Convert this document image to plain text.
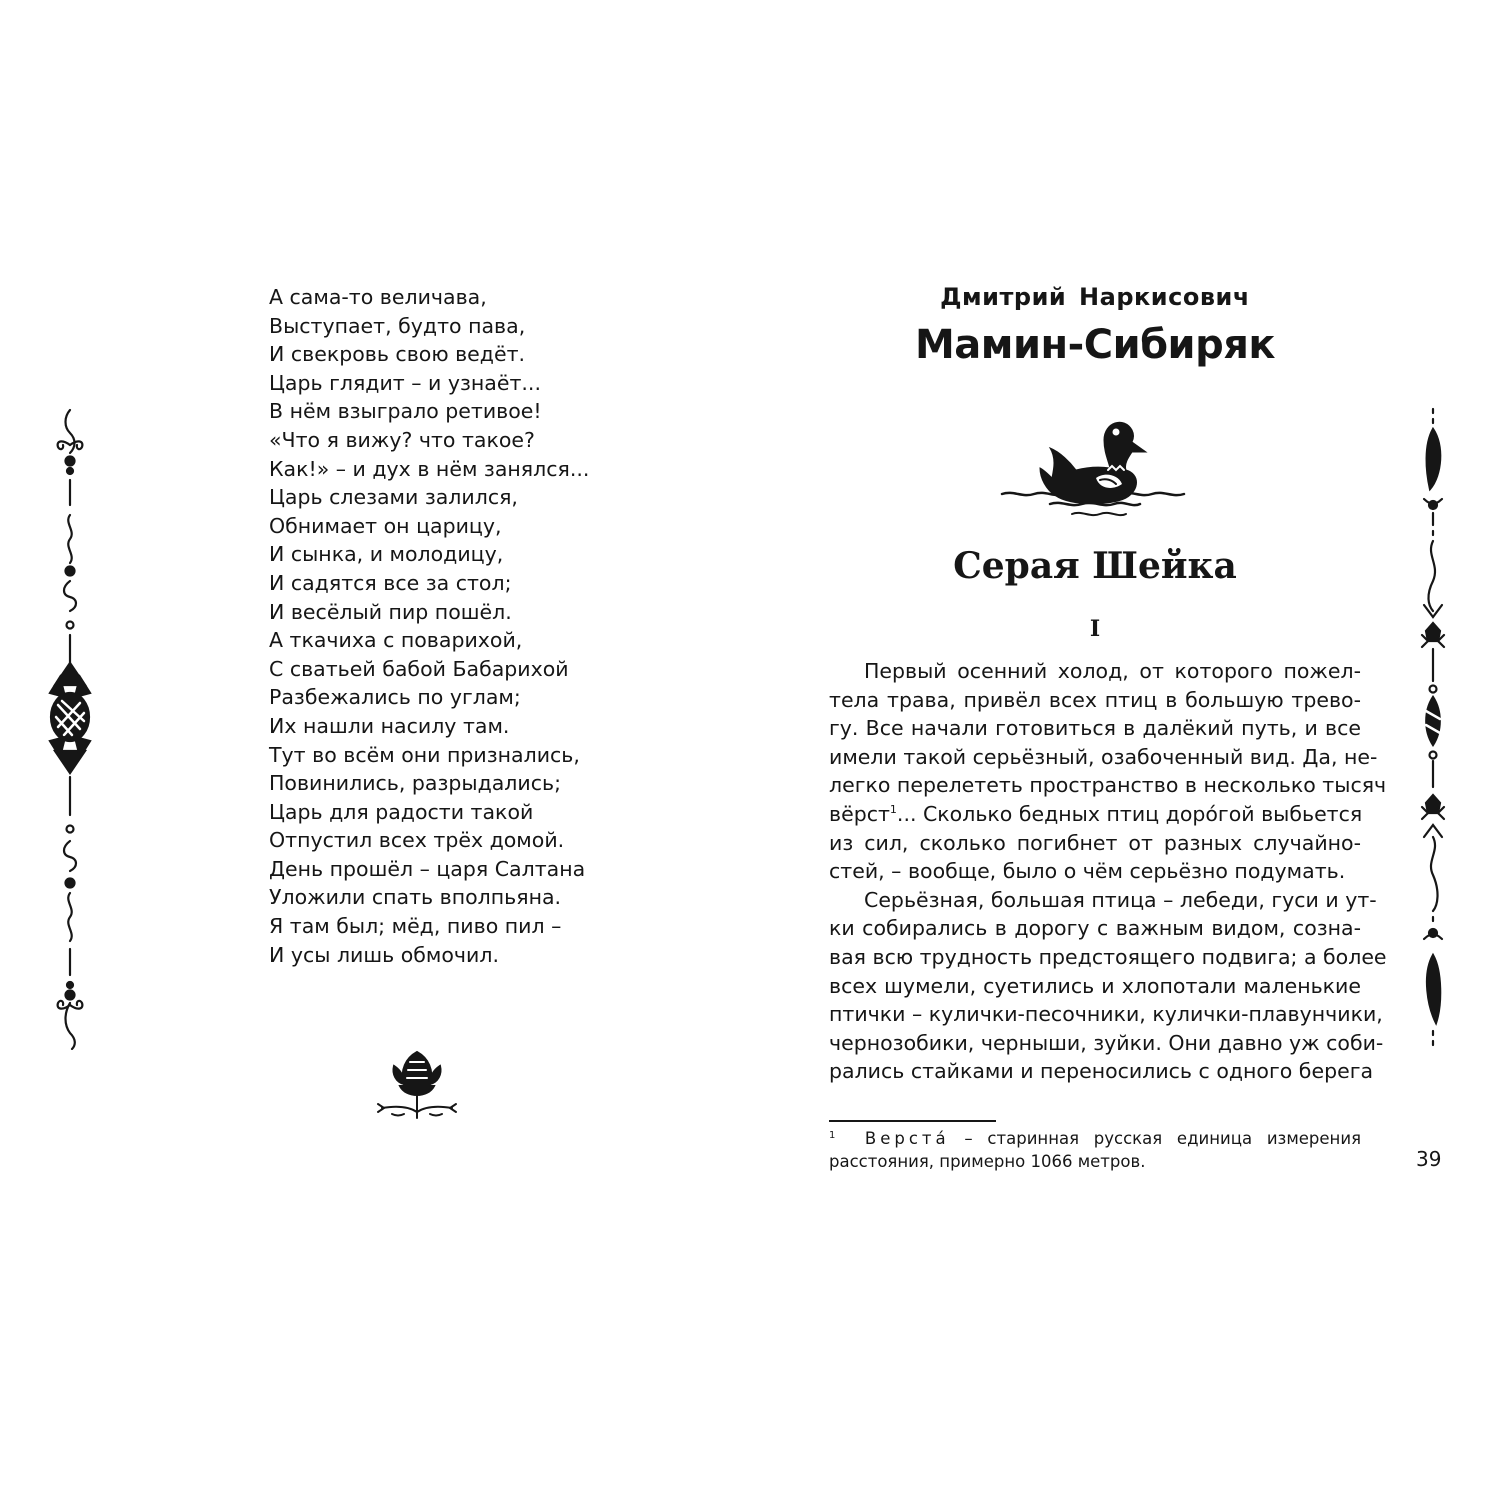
А сама-то величава,
Выступает, будто пава,
И свекровь свою ведёт.
Царь глядит – и узнаёт...
В нём взыграло ретивое!
«Что я вижу? что такое?
Как!» – и дух в нём занялся...
Царь слезами залился,
Обнимает он царицу,
И сынка, и молодицу,
И садятся все за стол;
И весёлый пир пошёл.
А ткачиха с поварихой,
С сватьей бабой Бабарихой
Разбежались по углам;
Их нашли насилу там.
Тут во всём они признались,
Повинились, разрыдались;
Царь для радости такой
Отпустил всех трёх домой.
День прошёл – царя Салтана
Уложили спать вполпьяна.
Я там был; мёд, пиво пил –
И усы лишь обмочил.
Дмитрий Наркисович
Мамин-Сибиряк
Серая Шейка
I
Первый осенний холод, от которого пожел-
тела трава, привёл всех птиц в большую трево-
гу. Все начали готовиться в далёкий путь, и все
имели такой серьёзный, озабоченный вид. Да, не-
легко перелететь пространство в несколько тысяч
вёрст$^1$... Сколько бедных птиц доро́гой выбьется
из сил, сколько погибнет от разных случайно-
стей, – вообще, было о чём серьёзно подумать.
Серьёзная, большая птица – лебеди, гуси и ут-
ки собирались в дорогу с важным видом, созна-
вая всю трудность предстоящего подвига; а более
всех шумели, суетились и хлопотали маленькие
птички – кулички-песочники, кулички-плавунчики,
чернозобики, черныши, зуйки. Они давно уж соби-
рались стайками и переносились с одного берега
$^1$ Верста́ – старинная русская единица измерения
расстояния, примерно 1066 метров.	39
